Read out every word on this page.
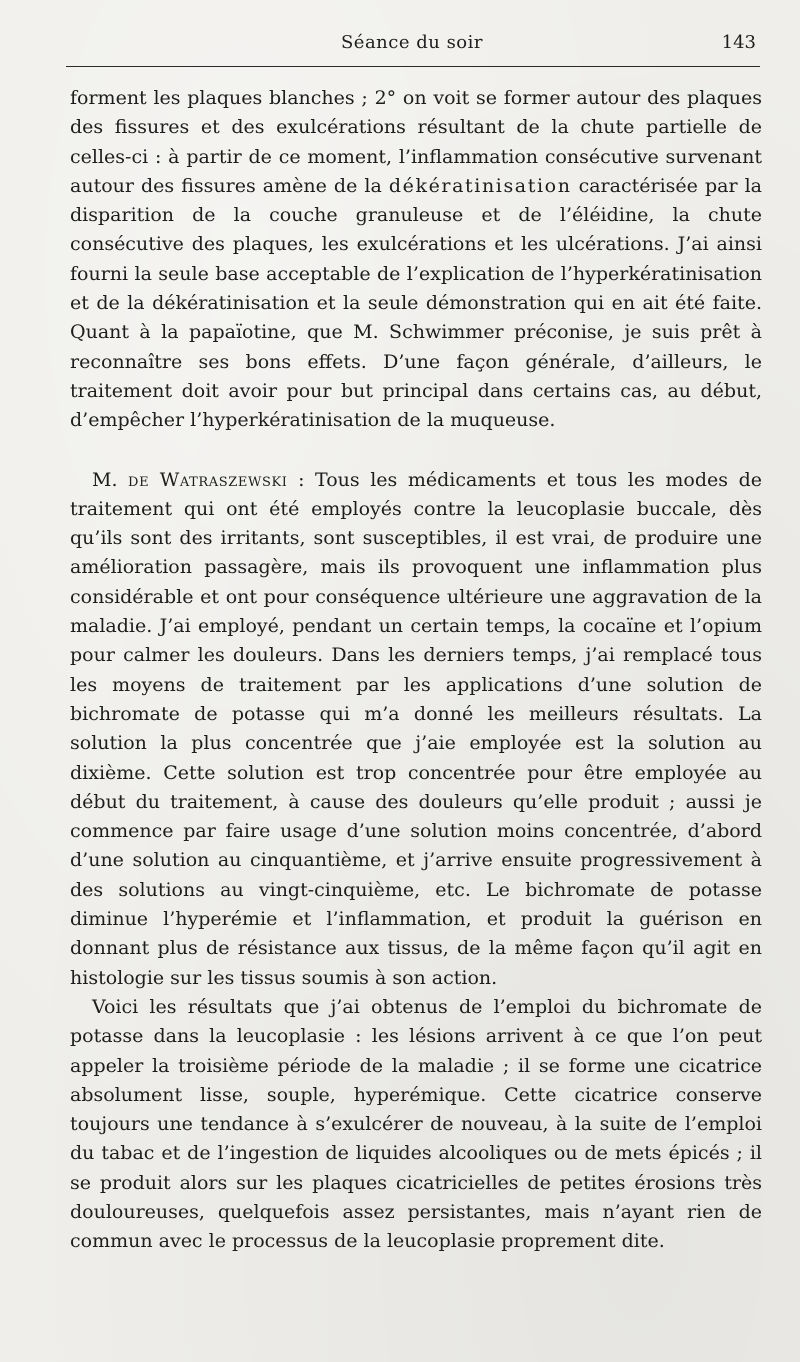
Séance du soir	143

forment les plaques blanches ; 2° on voit se former autour des plaques des fissures et des exulcérations résultant de la chute partielle de celles-ci : à partir de ce moment, l’inflammation consécutive survenant autour des fissures amène de la dékératinisation caractérisée par la disparition de la couche granuleuse et de l’éléidine, la chute consécutive des plaques, les exulcérations et les ulcérations. J’ai ainsi fourni la seule base acceptable de l’explication de l’hyperkératinisation et de la dékératinisation et la seule démonstration qui en ait été faite. Quant à la papaïotine, que M. Schwimmer préconise, je suis prêt à reconnaître ses bons effets. D’une façon générale, d’ailleurs, le traitement doit avoir pour but principal dans certains cas, au début, d’empêcher l’hyperkératinisation de la muqueuse.

M. de Watraszewski : Tous les médicaments et tous les modes de traitement qui ont été employés contre la leucoplasie buccale, dès qu’ils sont des irritants, sont susceptibles, il est vrai, de produire une amélioration passagère, mais ils provoquent une inflammation plus considérable et ont pour conséquence ultérieure une aggravation de la maladie. J’ai employé, pendant un certain temps, la cocaïne et l’opium pour calmer les douleurs. Dans les derniers temps, j’ai remplacé tous les moyens de traitement par les applications d’une solution de bichromate de potasse qui m’a donné les meilleurs résultats. La solution la plus concentrée que j’aie employée est la solution au dixième. Cette solution est trop concentrée pour être employée au début du traitement, à cause des douleurs qu’elle produit ; aussi je commence par faire usage d’une solution moins concentrée, d’abord d’une solution au cinquantième, et j’arrive ensuite progressivement à des solutions au vingt-cinquième, etc. Le bichromate de potasse diminue l’hyperémie et l’inflammation, et produit la guérison en donnant plus de résistance aux tissus, de la même façon qu’il agit en histologie sur les tissus soumis à son action.

Voici les résultats que j’ai obtenus de l’emploi du bichromate de potasse dans la leucoplasie : les lésions arrivent à ce que l’on peut appeler la troisième période de la maladie ; il se forme une cicatrice absolument lisse, souple, hyperémique. Cette cicatrice conserve toujours une tendance à s’exulcérer de nouveau, à la suite de l’emploi du tabac et de l’ingestion de liquides alcooliques ou de mets épicés ; il se produit alors sur les plaques cicatricielles de petites érosions très douloureuses, quelquefois assez persistantes, mais n’ayant rien de commun avec le processus de la leucoplasie proprement dite.
